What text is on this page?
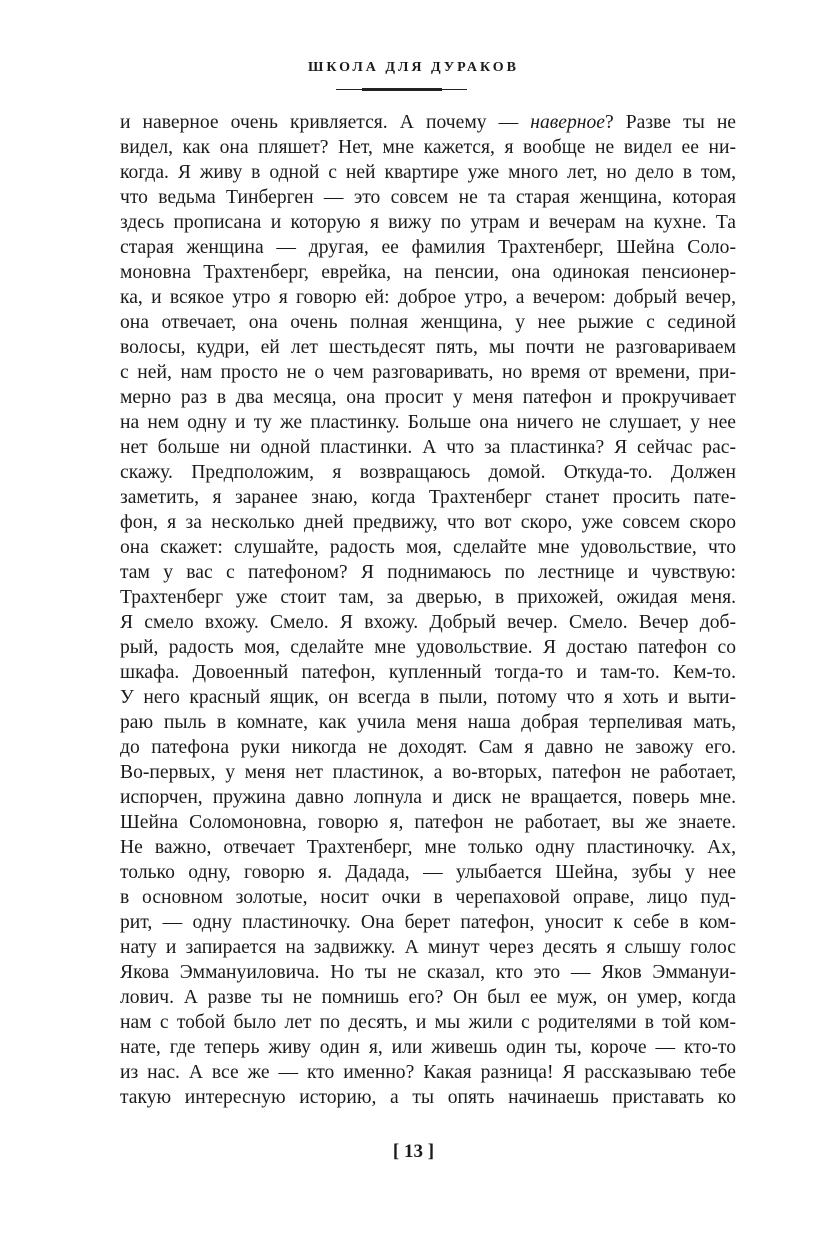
ШКОЛА ДЛЯ ДУРАКОВ
и наверное очень кривляется. А почему — наверное? Разве ты не
видел, как она пляшет? Нет, мне кажется, я вообще не видел ее ни-
когда. Я живу в одной с ней квартире уже много лет, но дело в том,
что ведьма Тинберген — это совсем не та старая женщина, которая
здесь прописана и которую я вижу по утрам и вечерам на кухне. Та
старая женщина — другая, ее фамилия Трахтенберг, Шейна Соло-
моновна Трахтенберг, еврейка, на пенсии, она одинокая пенсионер-
ка, и всякое утро я говорю ей: доброе утро, а вечером: добрый вечер,
она отвечает, она очень полная женщина, у нее рыжие с сединой
волосы, кудри, ей лет шестьдесят пять, мы почти не разговариваем
с ней, нам просто не о чем разговаривать, но время от времени, при-
мерно раз в два месяца, она просит у меня патефон и прокручивает
на нем одну и ту же пластинку. Больше она ничего не слушает, у нее
нет больше ни одной пластинки. А что за пластинка? Я сейчас рас-
скажу. Предположим, я возвращаюсь домой. Откуда-то. Должен
заметить, я заранее знаю, когда Трахтенберг станет просить пате-
фон, я за несколько дней предвижу, что вот скоро, уже совсем скоро
она скажет: слушайте, радость моя, сделайте мне удовольствие, что
там у вас с патефоном? Я поднимаюсь по лестнице и чувствую:
Трахтенберг уже стоит там, за дверью, в прихожей, ожидая меня.
Я смело вхожу. Смело. Я вхожу. Добрый вечер. Смело. Вечер доб-
рый, радость моя, сделайте мне удовольствие. Я достаю патефон со
шкафа. Довоенный патефон, купленный тогда-то и там-то. Кем-то.
У него красный ящик, он всегда в пыли, потому что я хоть и выти-
раю пыль в комнате, как учила меня наша добрая терпеливая мать,
до патефона руки никогда не доходят. Сам я давно не завожу его.
Во-первых, у меня нет пластинок, а во-вторых, патефон не работает,
испорчен, пружина давно лопнула и диск не вращается, поверь мне.
Шейна Соломоновна, говорю я, патефон не работает, вы же знаете.
Не важно, отвечает Трахтенберг, мне только одну пластиночку. Ах,
только одну, говорю я. Дадада, — улыбается Шейна, зубы у нее
в основном золотые, носит очки в черепаховой оправе, лицо пуд-
рит, — одну пластиночку. Она берет патефон, уносит к себе в ком-
нату и запирается на задвижку. А минут через десять я слышу голос
Якова Эммануиловича. Но ты не сказал, кто это — Яков Эммануи-
лович. А разве ты не помнишь его? Он был ее муж, он умер, когда
нам с тобой было лет по десять, и мы жили с родителями в той ком-
нате, где теперь живу один я, или живешь один ты, короче — кто-то
из нас. А все же — кто именно? Какая разница! Я рассказываю тебе
такую интересную историю, а ты опять начинаешь приставать ко
[ 13 ]
